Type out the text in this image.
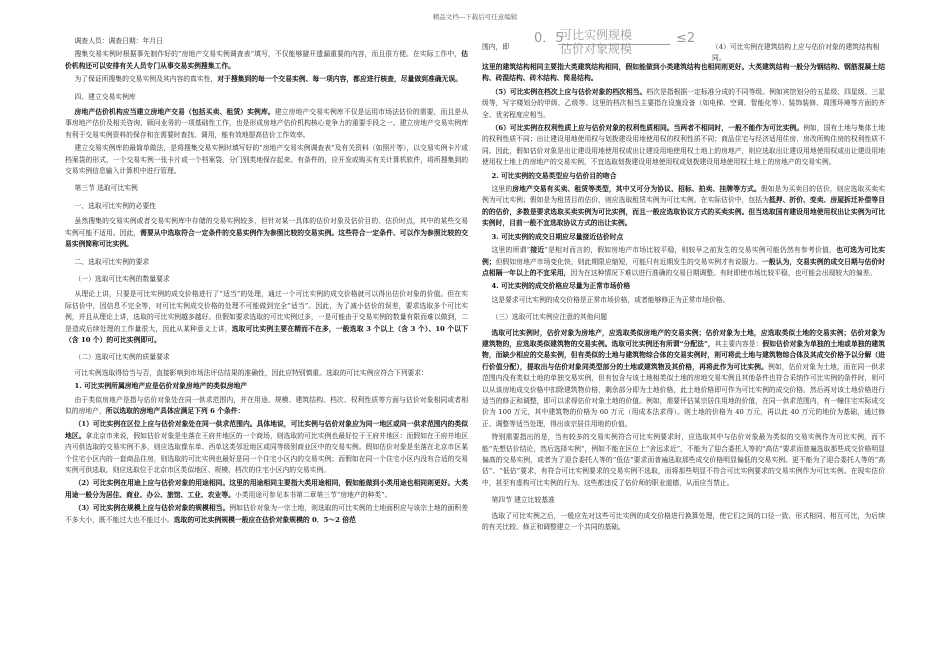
精品文档---下载后可任意编辑

调查人员：调查日期：年月日

搜集交易实例时根据事先制作好的“房地产交易实例调查表”填写，不仅能够避开遗漏重要的内容，而且很方便。在实际工作中，估价机构还可以安排有关人员专门从事交易实例搜集工作。

为了保证所搜集的交易实例及其内容的真实性，对于搜集到的每一个交易实例、每一项内容，都应进行核查，尽量做到准确无误。

四、建立交易实例库

房地产估价机构应当建立房地产交易（包括买卖、租赁）实例库。建立房地产交易实例库不仅是运用市场法估价的需要，而且是从事房地产估价及相关咨询、顾问业务的一项基础性工作，也是形成房地产估价机构核心竞争力的重要手段之一。建立房地产交易实例库有利于交易实例资料的保存和在需要时查找、调用，能有效地提高估价工作效率。

建立交易实例库的最简单做法，是将搜集交易实例时填写好的“房地产交易实例调查表”及有关资料（如照片等），以交易实例卡片或档案袋的形式，一个交易实例一张卡片或一个档案袋，分门别类地保存起来。有条件的，应开发或购买有关计算机软件，将所搜集到的交易实例信息输入计算机中进行管理。

第三节 选取可比实例

一、选取可比实例的必要性

虽然搜集的交易实例或者交易实例库中存储的交易实例较多，但针对某一具体的估价对象及估价目的、估价时点，其中的某些交易实例可能不适用。因此，需要从中选取符合一定条件的交易实例作为参照比较的交易实例。这些符合一定条件、可以作为参照比较的交易实例简称可比实例。

二、选取可比实例的要求

（一）选取可比实例的数量要求

从理论上讲，只要是可比实例的成交价格进行了“适当”的处理，通过一个可比实例的成交价格就可以得出估价对象的价值。但在实际估价中，因信息不完全等，对可比实例成交价格的处理不可能做到完全“适当”。因此，为了减小估价的误差，要求选取多个可比实例，并且从理论上讲，选取的可比实例越多越好。但假如要求选取的可比实例过多，一是可能由于交易实例的数量有限而难以做到，二是造成后续处理的工作量很大，因此从某种意义上讲，选取可比实例主要在精而不在多，一般选取 3 个以上（含 3 个）、10 个以下（含 10 个）的可比实例即可。

（二）选取可比实例的质量要求

可比实例选取得恰当与否，直接影响到市场法评估结果的准确性，因此应特别慎重。选取的可比实例应符合下列要求：

1. 可比实例所属房地产应是估价对象房地产的类似房地产

由于类似房地产是指与估价对象处在同一供求范围内，并在用途、规模、建筑结构、档次、权利性质等方面与估价对象相同或者相似的房地产，所以选取的房地产具体应满足下列 6 个条件：

（1）可比实例在区位上应与估价对象处在同一供求范围内。具体地说，可比实例与估价对象应为同一地区或同一供求范围内的类似地区。拿北京市来说，假如估价对象是坐落在王府井地区的一个商场，则选取的可比实例也最好位于王府井地区：而假如在王府井地区内可供选取的交易实例不多，则应选取像东单、西单这类邻近地区或同等级别商业区中的交易实例。假如估价对象是坐落在北京市区某个住宅小区内的一套商品住房，则选取的可比实例也最好是同一个住宅小区内的交易实例；而假如在同一个住宅小区内没有合适的交易实例可供选取，则应选取位于北京市区类似地区、规模、档次的住宅小区内的交易实例。

（2）可比实例在用途上应与估价对象的用途相同。这里的用途相同主要指大类用途相同，假如能做到小类用途也相同则更好。大类用途一般分为居住、商业、办公、旅馆、工业、农业等。小类用途可参见本书第二章第三节“房地产的种类”。

（3）可比实例在规模上应与估价对象的规模相当。例如估价对象为一宗土地，则选取的可比实例的土地面积应与该宗土地的面积差不多大小，既不能过大也不能过小。选取的可比实例规模一般应在估价对象规模的 0．5～2 倍范

围内，即
0．5
可比实例规模
估价对象规模
≤2
（4）可比实例在建筑结构上应与估价对象的建筑结构相同。

这里的建筑结构相同主要指大类建筑结构相同，假如能做到小类建筑结构也相同则更好。大类建筑结构一般分为钢结构、钢筋混凝土结构、砖混结构、砖木结构、简易结构。

（5）可比实例在档次上应与估价对象的档次相当。档次是指根据一定标准分成的不同等级。例如宾馆划分的五星级、四星级、三星级等，写字楼划分的甲级、乙级等。这里的档次相当主要指在设施设备（如电梯、空调、智能化等）、装饰装修、周围环境等方面的齐全、优劣程度应相当。

（6）可比实例在权利性质上应与估价对象的权利性质相同。当两者不相同时，一般不能作为可比实例。例如，国有土地与集体土地的权利性质不同；出让建设用地使用权与划拨建设用地使用权的权利性质不同；商品住宅与经济适用住房、房改所购住房的权利性质不同。因此，假如估价对象是出让建设用地使用权或出让建设用地使用权土地上的房地产，则应选取出让建设用地使用权或出让建设用地使用权土地上的房地产的交易实例，不宜选取划拨建设用地使用权或划拨建设用地使用权土地上的房地产的交易实例。

2. 可比实例的交易类型应与估价目的吻合

这里的房地产交易有买卖、租赁等类型，其中又可分为协议、招标、拍卖、挂牌等方式。假如是为买卖目的估价，则应选取买卖实例为可比实例；假如是为租赁目的估价，则应选取租赁实例为可比实例。在实际估价中，包括为抵押、折价、变卖、房屋拆迁补偿等目的的估价，多数是要求选取买卖实例为可比实例，而且一般应选取协议方式的买卖实例。但当选取国有建设用地使用权出让实例为可比实例时，目前一般不宜选取协议方式的出让实例。

3. 可比实例的成交日期应尽量接近估价时点

这里的所谓“接近”是相对而言的，假如房地产市场比较平稳，则较早之前发生的交易实例可能仍然有参考价值，也可选为可比实例；但假如房地产市场变化快，则此期限应缩短，可能只有近期发生的交易实例才有说服力。一般认为，交易实例的成交日期与估价时点相隔一年以上的不宜采用，因为在这种情况下难以进行准确的交易日期调整。有时即使市场比较平稳，也可能会出现较大的偏差。

4. 可比实例的成交价格应尽量为正常市场价格

这是要求可比实例的成交价格是正常市场价格，或者能够修正为正常市场价格。

（三）选取可比实例应注意的其他问题

选取可比实例时，估价对象为房地产，应选取类似房地产的交易实例；估价对象为土地，应选取类似土地的交易实例；估价对象为建筑物的，应选取类似建筑物的交易实例。选取可比实例还有所谓“分配法”，其主要内容是：假如估价对象为单独的土地或单独的建筑物，而缺少相应的交易实例，但有类似的土地与建筑物综合体的交易实例时，则可将此土地与建筑物综合体及其成交价格予以分解（进行价值分配），提取出与估价对象同类型部分的土地或建筑物及其价格，再将此作为可比实例。例如，估价对象为土地，而在同一供求范围内没有类似土地的单独交易实例，但有包含与该土地相类似土地的房地交易实例且其他条件也符合采纳作可比实例的条件时，则可以从该房地成交价格中扣除建筑物价格，剩余部分即为土地价格，此土地价格即可作为可比实例的成交价格。然后再对该土地价格进行适当的修正和调整，即可以求得估价对象土地的价值。例如，需要评估某宗居住用地的价值，在同一供求范围内，有一幢住宅实际成交价为 100 万元，其中建筑物的价格为 60 万元（用成本法求得）。则土地的价格为 40 万元，再以此 40 万元的地价为基础，通过修正、调整等适当处理，得出该宗居住用地的价值。

特别需要指出的是，当有较多的交易实例符合可比实例要求时，应选取其中与估价对象最为类似的交易实例作为可比实例，而不能“先想估价结论，然后选择实例”，例如不能在区位上“舍远求近”，不能为了迎合委托人等的“高估”要求而普遍选取那些成交价格明显偏高的交易实例，或者为了迎合委托人等的“低估”要求而普遍选取那些成交价格明显偏低的交易实例。更不能为了迎合委托人等的“高估”、“低估”要求，有符合可比实例要求的交易实例不选取，而将那些明显不符合可比实例要求的交易实例作为可比实例。在现实估价中，甚至有虚构可比实例的行为。这些都违反了估价师的职业道德，从而应当禁止。

第四节 建立比较基准

选取了可比实例之后，一般应先对这些可比实例的成交价格进行换算处理，使它们之间的口径一致、形式相同、相互可比，为后续的有关比较、修正和调整建立一个共同的基础。
